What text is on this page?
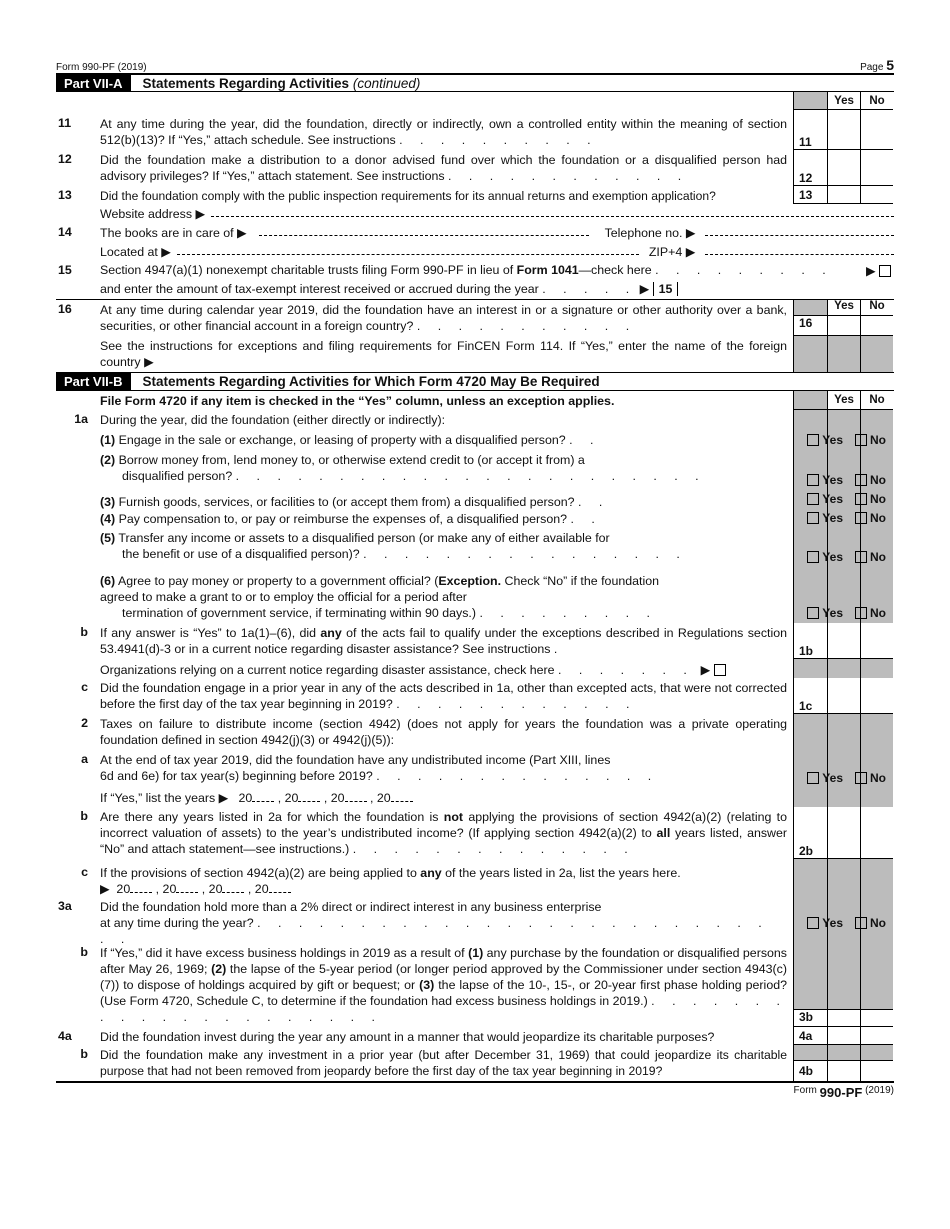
Form 990-PF (2019)	Page 5
Part VII-A	Statements Regarding Activities (continued)
Yes	No
11	At any time during the year, did the foundation, directly or indirectly, own a controlled entity within the meaning of section 512(b)(13)? If “Yes,” attach schedule. See instructions . . . . . . . . . .	11
12	Did the foundation make a distribution to a donor advised fund over which the foundation or a disqualified person had advisory privileges? If “Yes,” attach statement. See instructions . . . . . . . . . . . .	12
13	Did the foundation comply with the public inspection requirements for its annual returns and exemption application?	13
Website address ▶
14	The books are in care of ▶	Telephone no. ▶
Located at ▶	ZIP+4 ▶
15	Section 4947(a)(1) nonexempt charitable trusts filing Form 990-PF in lieu of Form 1041—check here . . . . . . . . .	▶
and enter the amount of tax-exempt interest received or accrued during the year . . . . . ▶ 15
16	At any time during calendar year 2019, did the foundation have an interest in or a signature or other authority over a bank, securities, or other financial account in a foreign country? . . . . . . . . . . .	16
Yes	No
See the instructions for exceptions and filing requirements for FinCEN Form 114. If “Yes,” enter the name of the foreign country ▶
Part VII-B	Statements Regarding Activities for Which Form 4720 May Be Required
File Form 4720 if any item is checked in the “Yes” column, unless an exception applies.	Yes	No
1a During the year, did the foundation (either directly or indirectly):
(1) Engage in the sale or exchange, or leasing of property with a disqualified person? . .	Yes No
(2) Borrow money from, lend money to, or otherwise extend credit to (or accept it from) a
disqualified person? . . . . . . . . . . . . . . . . . . . . . . .	Yes No
(3) Furnish goods, services, or facilities to (or accept them from) a disqualified person? . .	Yes No
(4) Pay compensation to, or pay or reimburse the expenses of, a disqualified person? . .	Yes No
(5) Transfer any income or assets to a disqualified person (or make any of either available for
the benefit or use of a disqualified person)? . . . . . . . . . . . . . . . .	Yes No
(6) Agree to pay money or property to a government official? (Exception. Check “No” if the foundation agreed to make a grant to or to employ the official for a period after
termination of government service, if terminating within 90 days.) . . . . . . . . .	Yes No
b If any answer is “Yes” to 1a(1)–(6), did any of the acts fail to qualify under the exceptions described in Regulations section 53.4941(d)-3 or in a current notice regarding disaster assistance? See instructions .	1b
Organizations relying on a current notice regarding disaster assistance, check here . . . . . . .  ▶
c Did the foundation engage in a prior year in any of the acts described in 1a, other than excepted acts, that were not corrected before the first day of the tax year beginning in 2019? . . . . . . . . . . . .	1c
2 Taxes on failure to distribute income (section 4942) (does not apply for years the foundation was a private operating foundation defined in section 4942(j)(3) or 4942(j)(5)):
a At the end of tax year 2019, did the foundation have any undistributed income (Part XIII, lines
6d and 6e) for tax year(s) beginning before 2019? . . . . . . . . . . . . . .	Yes No
If “Yes,” list the years ▶ 20 , 20 , 20 , 20
b Are there any years listed in 2a for which the foundation is not applying the provisions of section 4942(a)(2) (relating to incorrect valuation of assets) to the year’s undistributed income? (If applying section 4942(a)(2) to all years listed, answer “No” and attach statement—see instructions.) . . . . . . . . . . . . . .	2b
c If the provisions of section 4942(a)(2) are being applied to any of the years listed in 2a, list the years here.
▶  20 , 20 , 20 , 20
3a	Did the foundation hold more than a 2% direct or indirect interest in any business enterprise
at any time during the year? . . . . . . . . . . . . . . . . . . . . . . . . . . .
Yes No
b If “Yes,” did it have excess business holdings in 2019 as a result of (1) any purchase by the foundation or disqualified persons after May 26, 1969; (2) the lapse of the 5-year period (or longer period approved by the Commissioner under section 4943(c)(7)) to dispose of holdings acquired by gift or bequest; or (3) the lapse of the 10-, 15-, or 20-year first phase holding period? (Use Form 4720, Schedule C, to determine if the foundation had excess business holdings in 2019.) . . . . . . . . . . . . . . . . . . . . .	3b
4a	Did the foundation invest during the year any amount in a manner that would jeopardize its charitable purposes?	4a
b Did the foundation make any investment in a prior year (but after December 31, 1969) that could jeopardize its charitable purpose that had not been removed from jeopardy before the first day of the tax year beginning in 2019?	4b
Form
990-PF
(2019)
